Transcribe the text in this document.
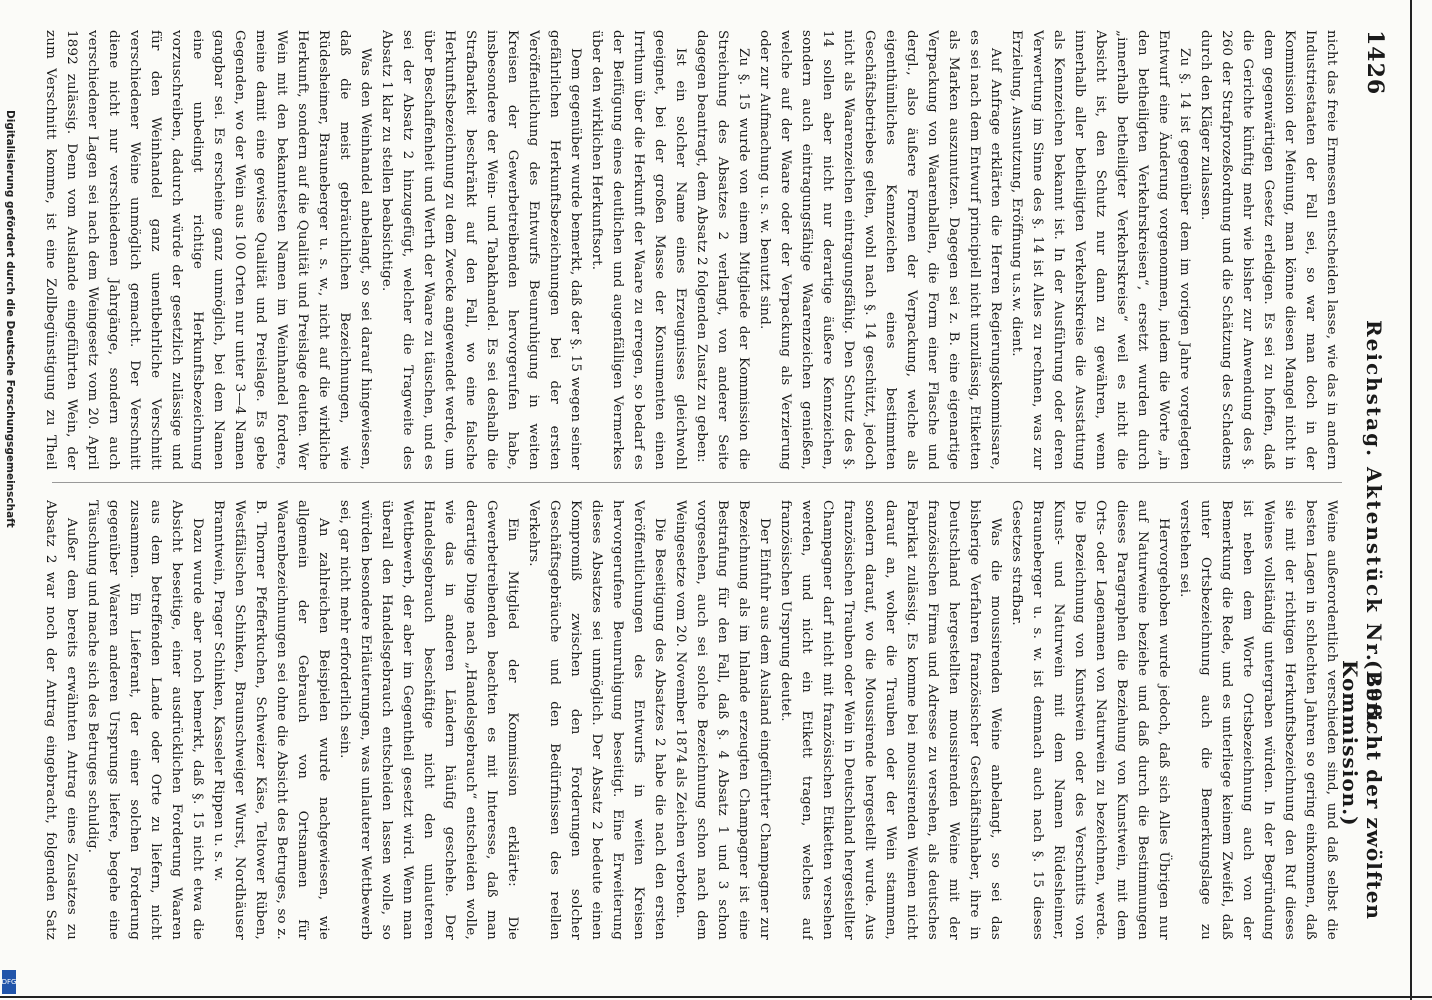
Digitalisierung gefördert durch die Deutsche Forschungsgemeinschaft
DFG
1426
Reichstag. Aktenstück Nr. 298.
(Bericht der zwölften Kommission.)

nicht das freie Ermessen entscheiden lasse, wie das in andern Industriestaaten der Fall sei, so war man doch in der Kommission der Meinung, man könne diesen Mangel nicht in dem gegenwärtigen Gesetz erledigen. Es sei zu hoffen, daß die Gerichte künftig mehr wie bisher zur Anwendung des §. 260 der Strafprozeßordnung und die Schätzung des Schadens durch den Kläger zulassen.

Zu §. 14 ist gegenüber dem im vorigen Jahre vorgelegten Entwurf eine Änderung vorgenommen, indem die Worte „in den betheiligten Verkehrskreisen“, ersetzt wurden durch „innerhalb betheiligter Verkehrskreise“ weil es nicht die Absicht ist, den Schutz nur dann zu gewähren, wenn innerhalb aller betheiligten Verkehrskreise die Ausstattung als Kennzeichen bekannt ist. In der Ausführung oder deren Verwertung im Sinne des §. 14 ist Alles zu rechnen, was zur Erzielung, Ausnutzung, Eröffnung u.s.w. dient.

Auf Anfrage erklärten die Herren Regierungskommissare, es sei nach dem Entwurf principiell nicht unzulässig, Etiketten als Marken auszunutzen. Dagegen sei z. B. eine eigenartige Verpackung von Waarenballen, die Form einer Flasche und dergl., also äußere Formen der Verpackung, welche als eigenthümliches Kennzeichen eines bestimmten Geschäftsbetriebes gelten, wohl nach §. 14 geschützt, jedoch nicht als Waarenzeichen eintragungsfähig. Den Schutz des §. 14 sollen aber nicht nur derartige äußere Kennzeichen, sondern auch eintragungsfähige Waarenzeichen genießen, welche auf der Waare oder der Verpackung als Verzierung oder zur Aufmachung u. s. w. benutzt sind.

Zu §. 15 wurde von einem Mitgliede der Kommission die Streichung des Absatzes 2 verlangt, von anderer Seite dagegen beantragt, dem Absatz 2 folgenden Zusatz zu geben:

Ist ein solcher Name eines Erzeugnisses gleichwohl geeignet, bei der großen Masse der Konsumenten einen Irrthum über die Herkunft der Waare zu erregen, so bedarf es der Beifügung eines deutlichen und augenfälligen Vermerkes über den wirklichen Herkunftsort.

Dem gegenüber wurde bemerkt, daß der §. 15 wegen seiner gefährlichen Herkunftsbezeichnungen bei der ersten Veröffentlichung des Entwurfs Beunruhigung in weiten Kreisen der Gewerbetreibenden hervorgerufen habe, insbesondere der Wein- und Tabakhandel. Es sei deshalb die Strafbarkeit beschränkt auf den Fall, wo eine falsche Herkunftsbezeichnung zu dem Zwecke angewendet werde, um über Beschaffenheit und Werth der Waare zu täuschen, und es sei der Absatz 2 hinzugefügt, welcher die Tragweite des Absatz 1 klar zu stellen beabsichtige.

Was den Weinhandel anbelangt, so sei darauf hingewiesen, daß die meist gebräuchlichen Bezeichnungen, wie Rüdesheimer, Brauneberger u. s. w., nicht auf die wirkliche Herkunft, sondern auf die Qualität und Preislage deuten. Wer Wein mit den bekanntesten Namen im Weinhandel fordere, meine damit eine gewisse Qualität und Preislage. Es gebe Gegenden, wo der Wein aus 100 Orten nur unter 3—4 Namen gangbar sei. Es erscheine ganz unmöglich, bei dem Namen eine unbedingt richtige Herkunftsbezeichnung vorzuschreiben, dadurch würde der gesetzlich zulässige und für den Weinhandel ganz unentbehrliche Verschnitt verschiedener Weine unmöglich gemacht. Der Verschnitt diene nicht nur verschiedenen Jahrgänge, sondern auch verschiedener Lagen sei nach dem Weingesetz vom 20. April 1892 zulässig. Denn vom Auslande eingeführten Wein, der zum Verschnitt komme, ist eine Zollbegünstigung zu Theil

Weine außerordentlich verschieden sind, und daß selbst die besten Lagen in schlechten Jahren so gering einkommen, daß sie mit der richtigen Herkunftsbezeichnung den Ruf dieses Weines vollständig untergraben würden. In der Begründung ist neben dem Worte Ortsbezeichnung auch von der Bemerkung die Rede, und es unterliege keinem Zweifel, daß unter Ortsbezeichnung auch die Bemerkungslage zu verstehen sei.

Hervorgehoben wurde jedoch, daß sich Alles Übrigen nur auf Naturweine beziehe und daß durch die Bestimmungen dieses Paragraphen die Beziehung von Kunstwein, mit dem Orts- oder Lagenamen von Naturwein zu bezeichnen, werde. Die Bezeichnung von Kunstwein oder des Verschnitts von Kunst- und Naturwein mit dem Namen Rüdesheimer, Brauneberger u. s. w. ist demnach auch nach §. 15 dieses Gesetzes strafbar.

Was die moussirenden Weine anbelangt, so sei das bisherige Verfahren französischer Geschäftsinhaber, ihre in Deutschland hergestellten moussirenden Weine mit der französischen Firma und Adresse zu versehen, als deutsches Fabrikat zulässig. Es komme bei moussirenden Weinen nicht darauf an, woher die Trauben oder der Wein stammen, sondern darauf, wo die Moussirende hergestellt wurde. Aus französischen Trauben oder Wein in Deutschland hergestellter Champagner darf nicht mit französischen Etiketten versehen werden, und nicht ein Etikett tragen, welches auf französischen Ursprung deutet.

Der Einfuhr aus dem Ausland eingeführter Champagner zur Bezeichnung als im Inlande erzeugten Champagner ist eine Bestrafung für den Fall, daß §. 4 Absatz 1 und 3 schon vorgesehen, auch sei solche Bezeichnung schon nach dem Weingesetze vom 20. November 1874 als Zeichen verboten.

Die Beseitigung des Absatzes 2 habe die nach den ersten Veröffentlichungen des Entwurfs in weiten Kreisen hervorgerufene Beunruhigung beseitigt. Eine Erweiterung dieses Absatzes sei unmöglich. Der Absatz 2 bedeute einen Kompromiß zwischen den Forderungen solcher Geschäftsgebräuche und den Bedürfnissen des reellen Verkehrs.

Ein Mitglied der Kommission erklärte: Die Gewerbetreibenden beachten es mit Interesse, daß man derartige Dinge nach „Handelsgebrauch“ entscheiden wolle, wie das in anderen Ländern häufig geschehe. Der Handelsgebrauch beschäftige nicht den unlauteren Wettbewerb, der aber im Gegentheil gesetzt wird. Wenn man überall den Handelsgebrauch entscheiden lassen wolle, so würden besondere Erläuterungen, was unlauterer Wettbewerb sei, gar nicht mehr erforderlich sein.

An zahlreichen Beispielen wurde nachgewiesen, wie allgemein der Gebrauch von Ortsnamen für Waarenbezeichnungen sei ohne die Absicht des Betruges, so z. B. Thorner Pfefferkuchen, Schweizer Käse, Teltower Rüben, Westfälischen Schinken, Braunschweiger Wurst, Nordhäuser Branntwein, Prager Schinken, Kasseler Rippen u. s. w.

Dazu wurde aber noch bemerkt, daß §. 15 nicht etwa die Absicht beseitige, einer ausdrücklichen Forderung Waaren aus dem betreffenden Lande oder Orte zu liefern, nicht zusammen. Ein Lieferant, der einer solchen Forderung gegenüber Waaren anderen Ursprungs liefere, begehe eine Täuschung und mache sich des Betruges schuldig.

Außer dem bereits erwähnten Antrag eines Zusatzes zu Absatz 2 war noch der Antrag eingebracht, folgenden Satz
